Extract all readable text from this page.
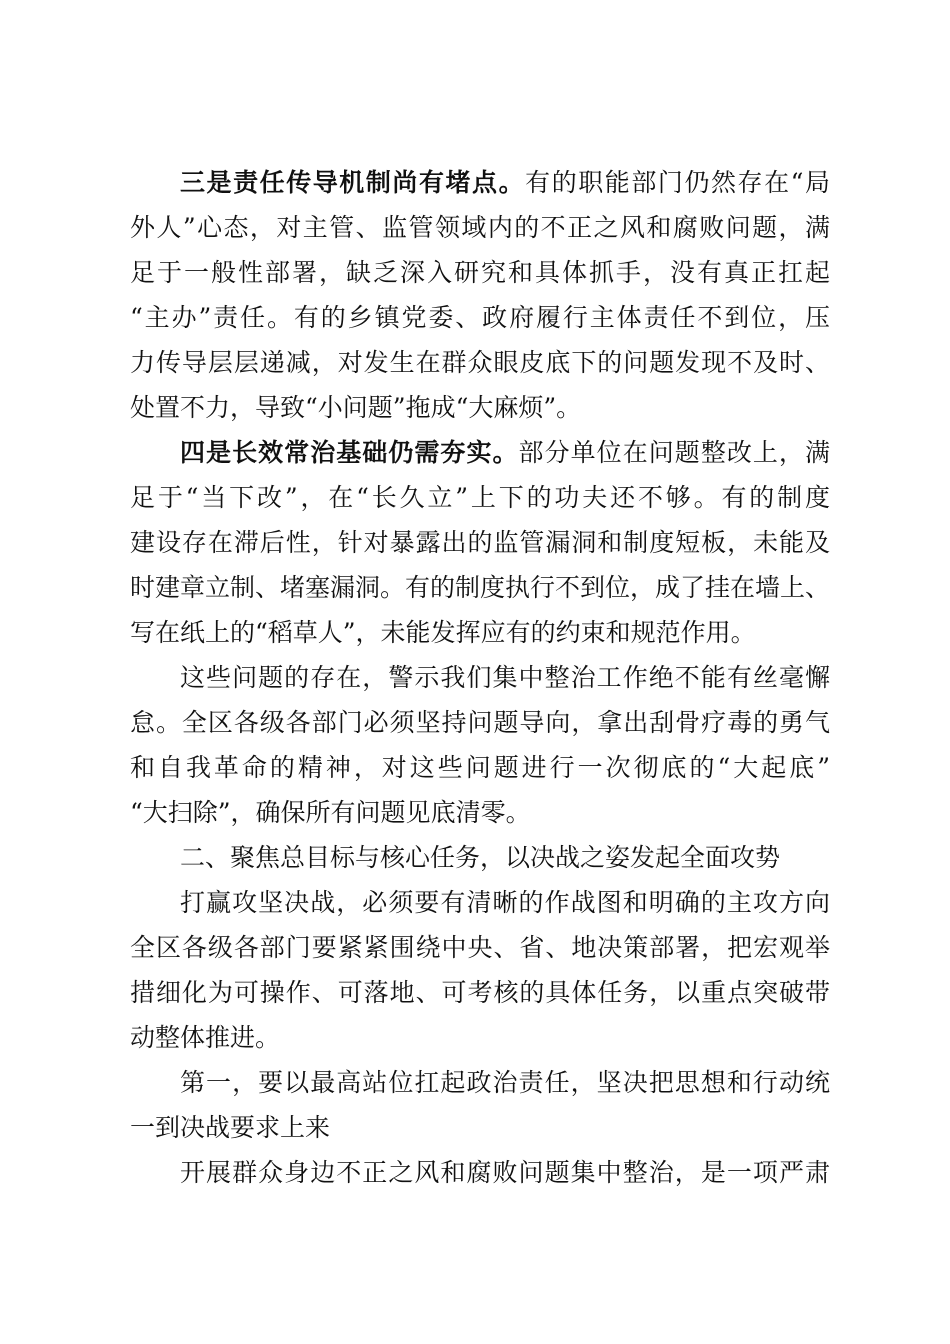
三是责任传导机制尚有堵点。有的职能部门仍然存在“局
外人”心态，对主管、监管领域内的不正之风和腐败问题，满
足于一般性部署，缺乏深入研究和具体抓手，没有真正扛起
“主办”责任。有的乡镇党委、政府履行主体责任不到位，压
力传导层层递减，对发生在群众眼皮底下的问题发现不及时、
处置不力，导致“小问题”拖成“大麻烦”。
四是长效常治基础仍需夯实。部分单位在问题整改上，满
足于“当下改”，在“长久立”上下的功夫还不够。有的制度
建设存在滞后性，针对暴露出的监管漏洞和制度短板，未能及
时建章立制、堵塞漏洞。有的制度执行不到位，成了挂在墙上、
写在纸上的“稻草人”，未能发挥应有的约束和规范作用。
这些问题的存在，警示我们集中整治工作绝不能有丝毫懈
怠。全区各级各部门必须坚持问题导向，拿出刮骨疗毒的勇气
和自我革命的精神，对这些问题进行一次彻底的“大起底”
“大扫除”，确保所有问题见底清零。
二、聚焦总目标与核心任务，以决战之姿发起全面攻势
打赢攻坚决战，必须要有清晰的作战图和明确的主攻方向
全区各级各部门要紧紧围绕中央、省、地决策部署，把宏观举
措细化为可操作、可落地、可考核的具体任务，以重点突破带
动整体推进。
第一，要以最高站位扛起政治责任，坚决把思想和行动统
一到决战要求上来
开展群众身边不正之风和腐败问题集中整治，是一项严肃
